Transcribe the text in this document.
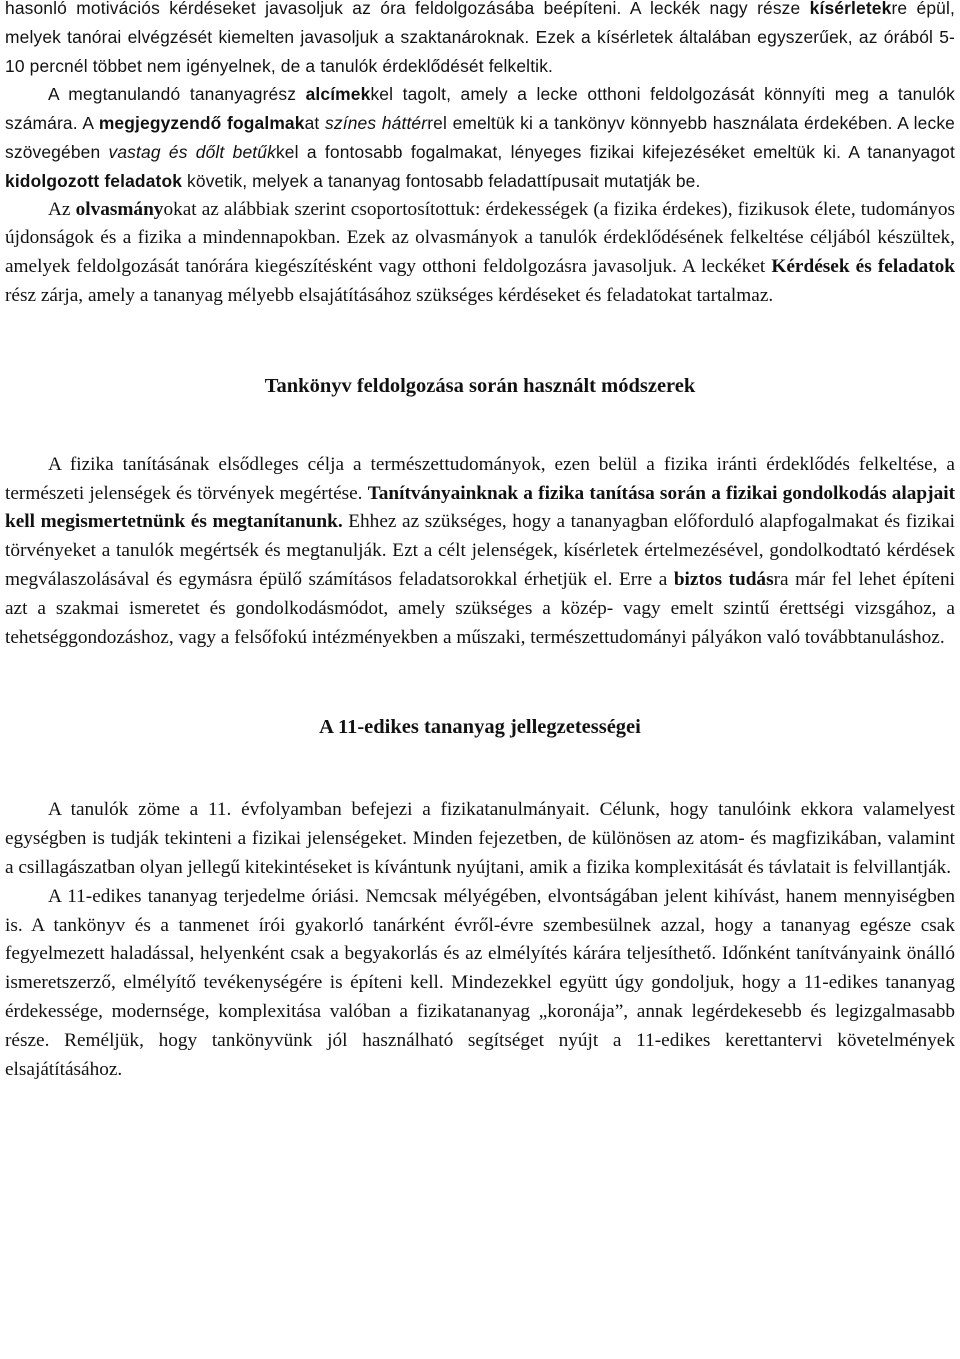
hasonló motivációs kérdéseket javasoljuk az óra feldolgozásába beépíteni. A leckék nagy része kísérletekre épül, melyek tanórai elvégzését kiemelten javasoljuk a szaktanároknak. Ezek a kísérletek általában egyszerűek, az órából 5-10 percnél többet nem igényelnek, de a tanulók érdeklődését felkeltik.

A megtanulandó tananyagrész alcímekkel tagolt, amely a lecke otthoni feldolgozását könnyíti meg a tanulók számára. A megjegyzendő fogalmakat színes háttérrel emeltük ki a tankönyv könnyebb használata érdekében. A lecke szövegében vastag és dőlt betűkkel a fontosabb fogalmakat, lényeges fizikai kifejezéséket emeltük ki. A tananyagot kidolgozott feladatok követik, melyek a tananyag fontosabb feladattípusait mutatják be.

Az olvasmányokat az alábbiak szerint csoportosítottuk: érdekességek (a fizika érdekes), fizikusok élete, tudományos újdonságok és a fizika a mindennapokban. Ezek az olvasmányok a tanulók érdeklődésének felkeltése céljából készültek, amelyek feldolgozását tanórára kiegészítésként vagy otthoni feldolgozásra javasoljuk. A leckéket Kérdések és feladatok rész zárja, amely a tananyag mélyebb elsajátításához szükséges kérdéseket és feladatokat tartalmaz.

Tankönyv feldolgozása során használt módszerek

A fizika tanításának elsődleges célja a természettudományok, ezen belül a fizika iránti érdeklődés felkeltése, a természeti jelenségek és törvények megértése. Tanítványainknak a fizika tanítása során a fizikai gondolkodás alapjait kell megismertetnünk és megtanítanunk. Ehhez az szükséges, hogy a tananyagban előforduló alapfogalmakat és fizikai törvényeket a tanulók megértsék és megtanulják. Ezt a célt jelenségek, kísérletek értelmezésével, gondolkodtató kérdések megválaszolásával és egymásra épülő számításos feladatsorokkal érhetjük el. Erre a biztos tudásra már fel lehet építeni azt a szakmai ismeretet és gondolkodásmódot, amely szükséges a közép- vagy emelt szintű érettségi vizsgához, a tehetséggondozáshoz, vagy a felsőfokú intézményekben a műszaki, természettudományi pályákon való továbbtanuláshoz.

A 11-edikes tananyag jellegzetességei

A tanulók zöme a 11. évfolyamban befejezi a fizikatanulmányait. Célunk, hogy tanulóink ekkora valamelyest egységben is tudják tekinteni a fizikai jelenségeket. Minden fejezetben, de különösen az atom- és magfizikában, valamint a csillagászatban olyan jellegű kitekintéseket is kívántunk nyújtani, amik a fizika komplexitását és távlatait is felvillantják.

A 11-edikes tananyag terjedelme óriási. Nemcsak mélyégében, elvontságában jelent kihívást, hanem mennyiségben is. A tankönyv és a tanmenet írói gyakorló tanárként évről-évre szembesülnek azzal, hogy a tananyag egésze csak fegyelmezett haladással, helyenként csak a begyakorlás és az elmélyítés kárára teljesíthető. Időnként tanítványaink önálló ismeretszerző, elmélyítő tevékenységére is építeni kell. Mindezekkel együtt úgy gondoljuk, hogy a 11-edikes tananyag érdekessége, modernsége, komplexitása valóban a fizikatananyag „koronája”, annak legérdekesebb és legizgalmasabb része. Reméljük, hogy tankönyvünk jól használható segítséget nyújt a 11-edikes kerettantervi követelmények elsajátításához.
